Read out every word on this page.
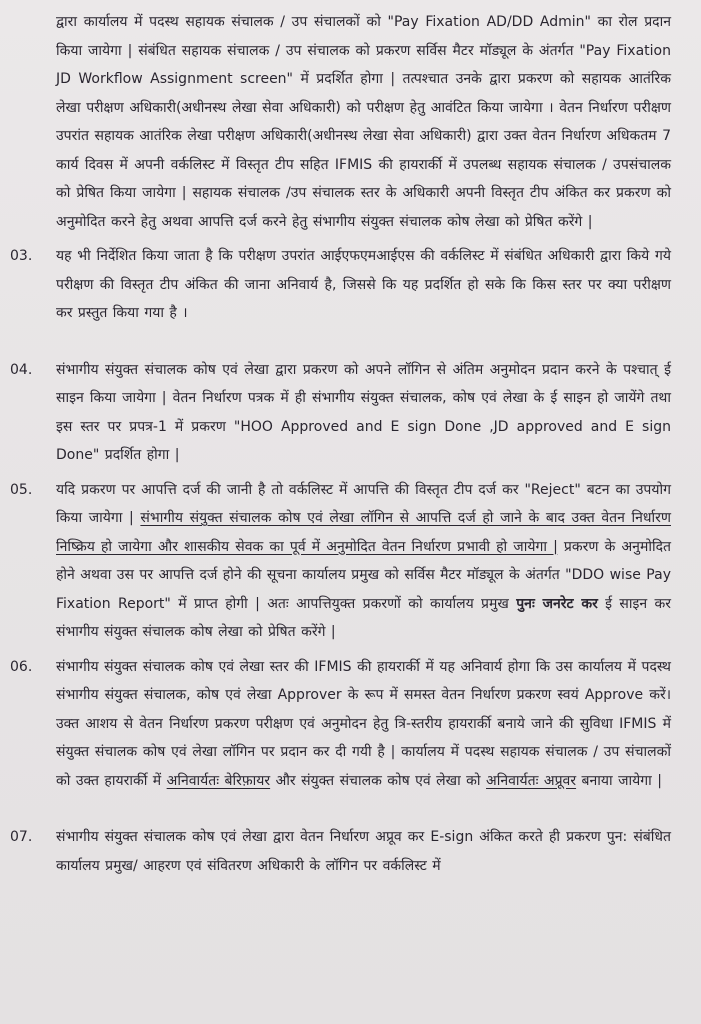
द्वारा कार्यालय में पदस्थ सहायक संचालक / उप संचालकों को "Pay Fixation AD/DD Admin" का रोल प्रदान किया जायेगा | संबंधित सहायक संचालक / उप संचालक को प्रकरण सर्विस मैटर मॉड्यूल के अंतर्गत "Pay Fixation JD Workflow Assignment screen" में प्रदर्शित होगा | तत्पश्चात उनके द्वारा प्रकरण को सहायक आतंरिक लेखा परीक्षण अधिकारी(अधीनस्थ लेखा सेवा अधिकारी) को परीक्षण हेतु आवंटित किया जायेगा । वेतन निर्धारण परीक्षण उपरांत सहायक आतंरिक लेखा परीक्षण अधिकारी(अधीनस्थ लेखा सेवा अधिकारी) द्वारा उक्त वेतन निर्धारण अधिकतम 7 कार्य दिवस में अपनी वर्कलिस्ट में विस्तृत टीप सहित IFMIS की हायरार्की में उपलब्ध सहायक संचालक / उपसंचालक को प्रेषित किया जायेगा | सहायक संचालक /उप संचालक स्तर के अधिकारी अपनी विस्तृत टीप अंकित कर प्रकरण को अनुमोदित करने हेतु अथवा आपत्ति दर्ज करने हेतु संभागीय संयुक्त संचालक कोष लेखा को प्रेषित करेंगे |
03.	यह भी निर्देशित किया जाता है कि परीक्षण उपरांत आईएफएमआईएस की वर्कलिस्ट में संबंधित अधिकारी द्वारा किये गये परीक्षण की विस्तृत टीप अंकित की जाना अनिवार्य है, जिससे कि यह प्रदर्शित हो सके कि किस स्तर पर क्या परीक्षण कर प्रस्तुत किया गया है ।
04.	संभागीय संयुक्त संचालक कोष एवं लेखा द्वारा प्रकरण को अपने लॉगिन से अंतिम अनुमोदन प्रदान करने के पश्चात् ई साइन किया जायेगा | वेतन निर्धारण पत्रक में ही संभागीय संयुक्त संचालक, कोष एवं लेखा के ई साइन हो जायेंगे तथा इस स्तर पर प्रपत्र-1 में प्रकरण "HOO Approved and E sign Done ,JD approved and E sign Done" प्रदर्शित होगा |
05.	यदि प्रकरण पर आपत्ति दर्ज की जानी है तो वर्कलिस्ट में आपत्ति की विस्तृत टीप दर्ज कर "Reject" बटन का उपयोग किया जायेगा | संभागीय संयुक्त संचालक कोष एवं लेखा लॉगिन से आपत्ति दर्ज हो जाने के बाद उक्त वेतन निर्धारण निष्क्रिय हो जायेगा और शासकीय सेवक का पूर्व में अनुमोदित वेतन निर्धारण प्रभावी हो जायेगा | प्रकरण के अनुमोदित होने अथवा उस पर आपत्ति दर्ज होने की सूचना कार्यालय प्रमुख को सर्विस मैटर मॉड्यूल के अंतर्गत "DDO wise Pay Fixation Report" में प्राप्त होगी | अतः आपत्तियुक्त प्रकरणों को कार्यालय प्रमुख पुनः जनरेट कर ई साइन कर संभागीय संयुक्त संचालक कोष लेखा को प्रेषित करेंगे |
06.	संभागीय संयुक्त संचालक कोष एवं लेखा स्तर की IFMIS की हायरार्की में यह अनिवार्य होगा कि उस कार्यालय में पदस्थ संभागीय संयुक्त संचालक, कोष एवं लेखा Approver के रूप में समस्त वेतन निर्धारण प्रकरण स्वयं Approve करें। उक्त आशय से वेतन निर्धारण प्रकरण परीक्षण एवं अनुमोदन हेतु त्रि-स्तरीय हायरार्की बनाये जाने की सुविधा IFMIS में संयुक्त संचालक कोष एवं लेखा लॉगिन पर प्रदान कर दी गयी है | कार्यालय में पदस्थ सहायक संचालक / उप संचालकों को उक्त हायरार्की में अनिवार्यतः बेरिफ़ायर और संयुक्त संचालक कोष एवं लेखा को अनिवार्यतः अप्रूवर बनाया जायेगा |
07.	संभागीय संयुक्त संचालक कोष एवं लेखा द्वारा वेतन निर्धारण अप्रूव कर E-sign अंकित करते ही प्रकरण पुन: संबंधित कार्यालय प्रमुख/ आहरण एवं संवितरण अधिकारी के लॉगिन पर वर्कलिस्ट में
